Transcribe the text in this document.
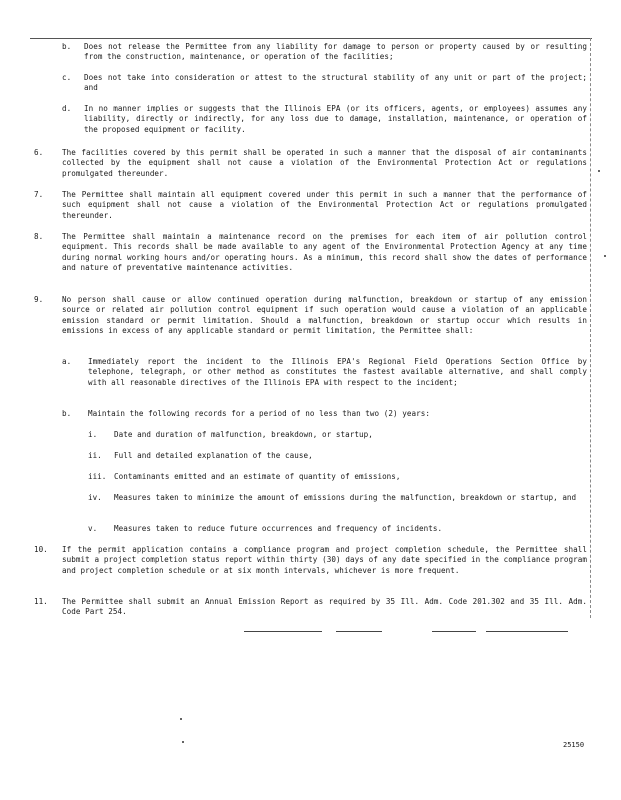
b. Does not release the Permittee from any liability for damage to person or property caused by or resulting from the construction, maintenance, or operation of the facilities;
c. Does not take into consideration or attest to the structural stability of any unit or part of the project; and
d. In no manner implies or suggests that the Illinois EPA (or its officers, agents, or employees) assumes any liability, directly or indirectly, for any loss due to damage, installation, maintenance, or operation of the proposed equipment or facility.
6. The facilities covered by this permit shall be operated in such a manner that the disposal of air contaminants collected by the equipment shall not cause a violation of the Environmental Protection Act or regulations promulgated thereunder.
7. The Permittee shall maintain all equipment covered under this permit in such a manner that the performance of such equipment shall not cause a violation of the Environmental Protection Act or regulations promulgated thereunder.
8. The Permittee shall maintain a maintenance record on the premises for each item of air pollution control equipment. This records shall be made available to any agent of the Environmental Protection Agency at any time during normal working hours and/or operating hours. As a minimum, this record shall show the dates of performance and nature of preventative maintenance activities.
9. No person shall cause or allow continued operation during malfunction, breakdown or startup of any emission source or related air pollution control equipment if such operation would cause a violation of an applicable emission standard or permit limitation. Should a malfunction, breakdown or startup occur which results in emissions in excess of any applicable standard or permit limitation, the Permittee shall:
a. Immediately report the incident to the Illinois EPA's Regional Field Operations Section Office by telephone, telegraph, or other method as constitutes the fastest available alternative, and shall comply with all reasonable directives of the Illinois EPA with respect to the incident;
b. Maintain the following records for a period of no less than two (2) years:
i. Date and duration of malfunction, breakdown, or startup,
ii. Full and detailed explanation of the cause,
iii. Contaminants emitted and an estimate of quantity of emissions,
iv. Measures taken to minimize the amount of emissions during the malfunction, breakdown or startup, and
v. Measures taken to reduce future occurrences and frequency of incidents.
10. If the permit application contains a compliance program and project completion schedule, the Permittee shall submit a project completion status report within thirty (30) days of any date specified in the compliance program and project completion schedule or at six month intervals, whichever is more frequent.
11. The Permittee shall submit an Annual Emission Report as required by 35 Ill. Adm. Code 201.302 and 35 Ill. Adm. Code Part 254.
25150
